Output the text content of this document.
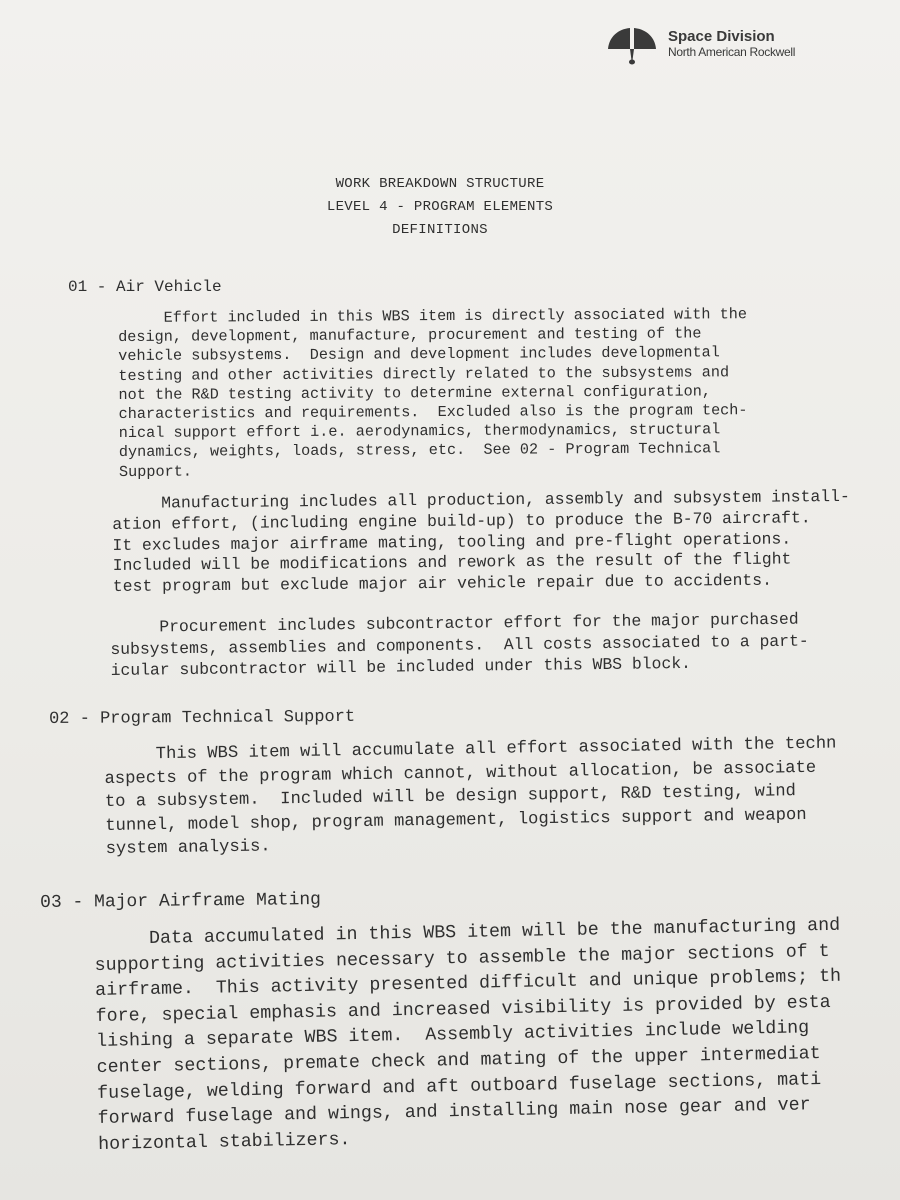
Space Division
North American Rockwell
WORK BREAKDOWN STRUCTURE
LEVEL 4 - PROGRAM ELEMENTS
DEFINITIONS
01 - Air Vehicle
Effort included in this WBS item is directly associated with the
design, development, manufacture, procurement and testing of the
vehicle subsystems.  Design and development includes developmental
testing and other activities directly related to the subsystems and
not the R&D testing activity to determine external configuration,
characteristics and requirements.  Excluded also is the program tech-
nical support effort i.e. aerodynamics, thermodynamics, structural
dynamics, weights, loads, stress, etc.  See 02 - Program Technical
Support.
Manufacturing includes all production, assembly and subsystem install-
ation effort, (including engine build-up) to produce the B-70 aircraft.
It excludes major airframe mating, tooling and pre-flight operations.
Included will be modifications and rework as the result of the flight
test program but exclude major air vehicle repair due to accidents.
Procurement includes subcontractor effort for the major purchased
subsystems, assemblies and components.  All costs associated to a part-
icular subcontractor will be included under this WBS block.
02 - Program Technical Support
This WBS item will accumulate all effort associated with the techn
aspects of the program which cannot, without allocation, be associate
to a subsystem.  Included will be design support, R&D testing, wind
tunnel, model shop, program management, logistics support and weapon
system analysis.
03 - Major Airframe Mating
Data accumulated in this WBS item will be the manufacturing and
supporting activities necessary to assemble the major sections of t
airframe.  This activity presented difficult and unique problems; th
fore, special emphasis and increased visibility is provided by esta
lishing a separate WBS item.  Assembly activities include welding
center sections, premate check and mating of the upper intermediat
fuselage, welding forward and aft outboard fuselage sections, mati
forward fuselage and wings, and installing main nose gear and ver
horizontal stabilizers.
